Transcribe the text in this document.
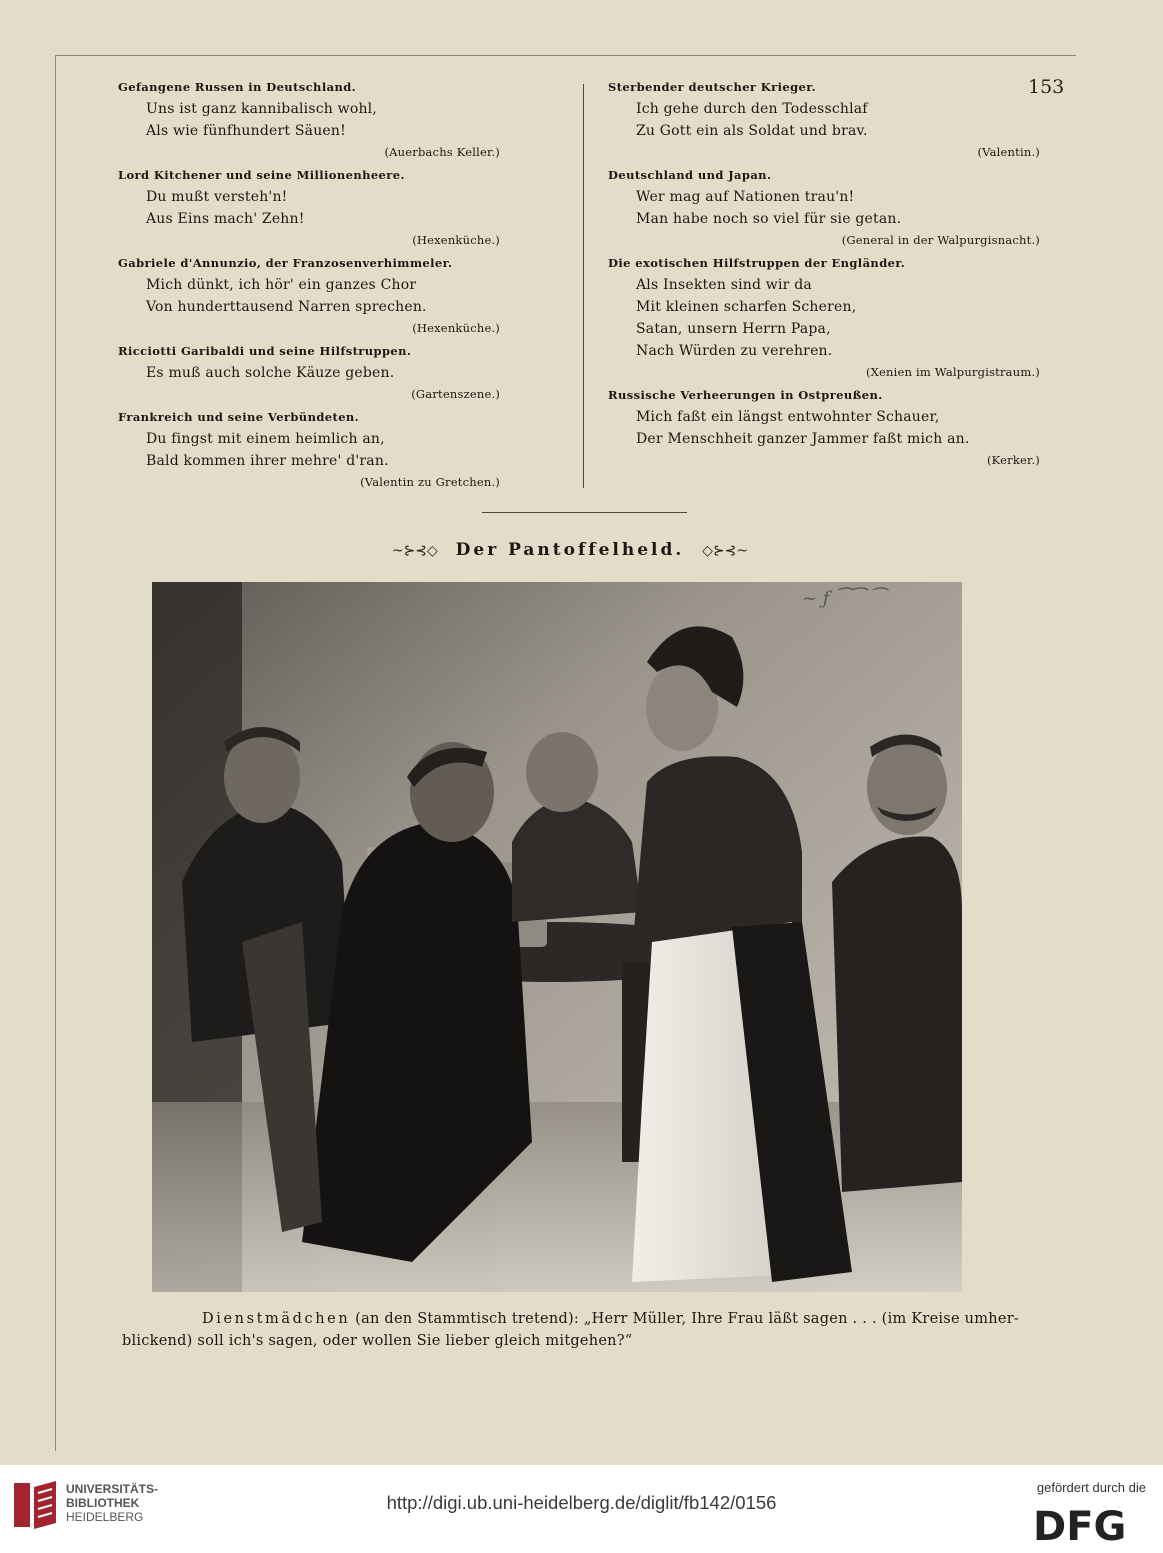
153
Gefangene Russen in Deutschland.
Uns ist ganz kannibalisch wohl,
Als wie fünfhundert Säuen!
(Auerbachs Keller.)
Lord Kitchener und seine Millionenheere.
Du mußt versteh'n!
Aus Eins mach' Zehn!
(Hexenküche.)
Gabriele d'Annunzio, der Franzosenverhimmeler.
Mich dünkt, ich hör' ein ganzes Chor
Von hunderttausend Narren sprechen.
(Hexenküche.)
Ricciotti Garibaldi und seine Hilfstruppen.
Es muß auch solche Käuze geben.
(Gartenszene.)
Frankreich und seine Verbündeten.
Du fingst mit einem heimlich an,
Bald kommen ihrer mehre' d'ran.
(Valentin zu Gretchen.)
Sterbender deutscher Krieger.
Ich gehe durch den Todesschlaf
Zu Gott ein als Soldat und brav.
(Valentin.)
Deutschland und Japan.
Wer mag auf Nationen trau'n!
Man habe noch so viel für sie getan.
(General in der Walpurgisnacht.)
Die exotischen Hilfstruppen der Engländer.
Als Insekten sind wir da
Mit kleinen scharfen Scheren,
Satan, unsern Herrn Papa,
Nach Würden zu verehren.
(Xenien im Walpurgistraum.)
Russische Verheerungen in Ostpreußen.
Mich faßt ein längst entwohnter Schauer,
Der Menschheit ganzer Jammer faßt mich an.
(Kerker.)
~⊱⊰◇ Der Pantoffelheld. ◇⊱⊰~
~ ƒ ⁀⁀ ⁀
Dienstmädchen (an den Stammtisch tretend): „Herr Müller, Ihre Frau läßt sagen . . . (im Kreise umher-
blickend) soll ich's sagen, oder wollen Sie lieber gleich mitgehen?“
UNIVERSITÄTS-
BIBLIOTHEK
HEIDELBERG
http://digi.ub.uni-heidelberg.de/diglit/fb142/0156
gefördert durch die
DFG
